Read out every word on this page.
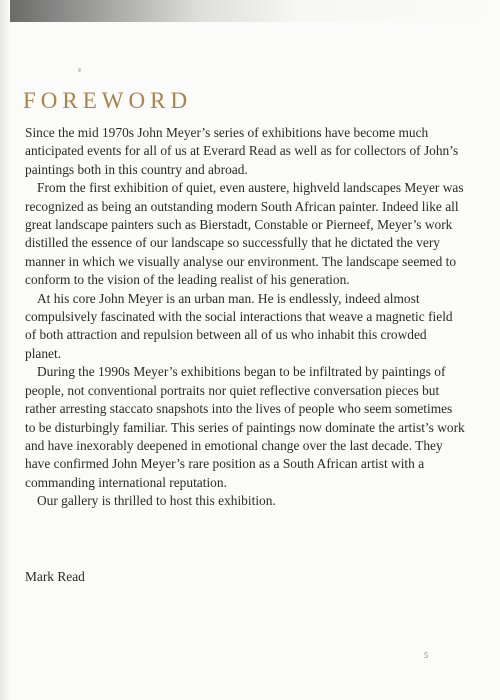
FOREWORD

Since the mid 1970s John Meyer’s series of exhibitions have become much anticipated events for all of us at Everard Read as well as for collectors of John’s paintings both in this country and abroad.

From the first exhibition of quiet, even austere, highveld landscapes Meyer was recognized as being an outstanding modern South African painter. Indeed like all great landscape painters such as Bierstadt, Constable or Pierneef, Meyer’s work distilled the essence of our landscape so successfully that he dictated the very manner in which we visually analyse our environment. The landscape seemed to conform to the vision of the leading realist of his generation.

At his core John Meyer is an urban man. He is endlessly, indeed almost compulsively fascinated with the social interactions that weave a magnetic field of both attraction and repulsion between all of us who inhabit this crowded planet.

During the 1990s Meyer’s exhibitions began to be infiltrated by paintings of people, not conventional portraits nor quiet reflective conversation pieces but rather arresting staccato snapshots into the lives of people who seem sometimes to be disturbingly familiar. This series of paintings now dominate the artist’s work and have inexorably deepened in emotional change over the last decade. They have confirmed John Meyer’s rare position as a South African artist with a commanding international reputation.

Our gallery is thrilled to host this exhibition.

Mark Read

5
